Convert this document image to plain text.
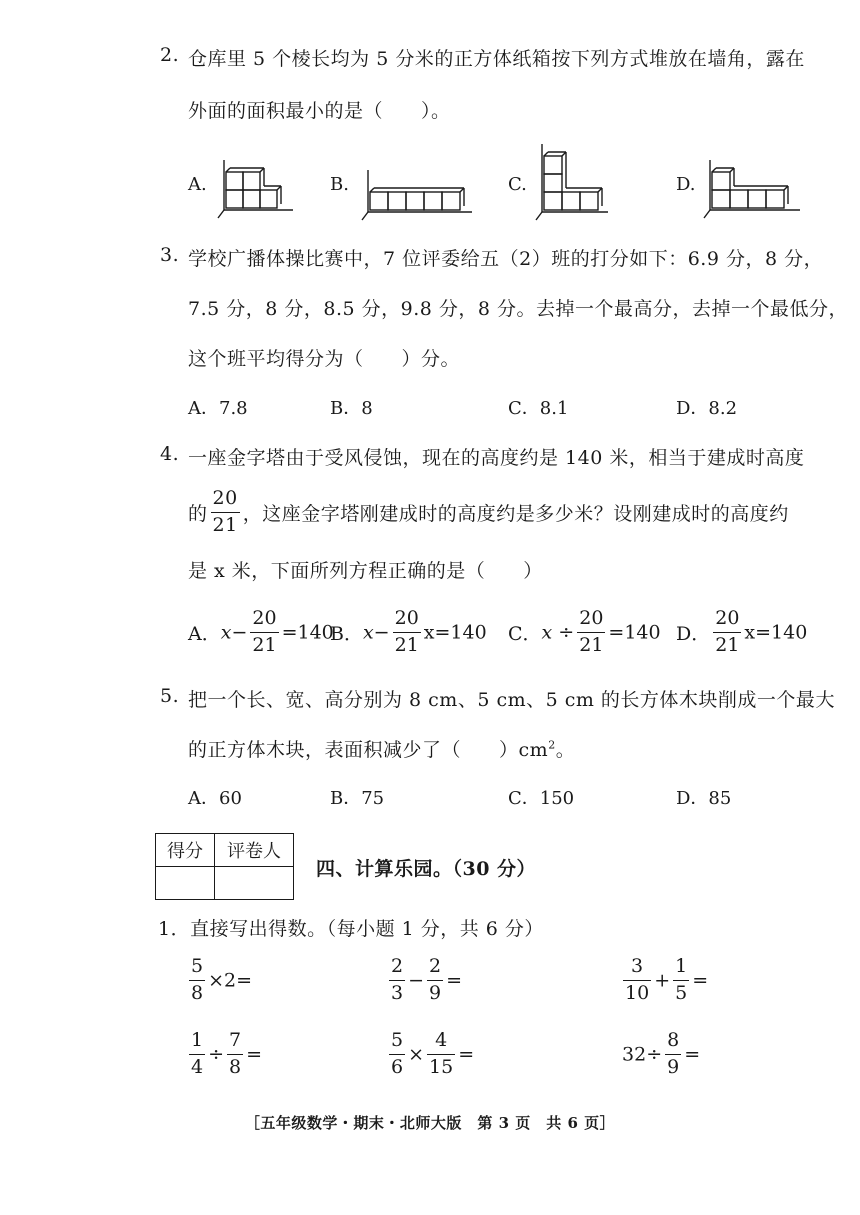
2. 仓库里 5 个棱长均为 5 分米的正方体纸箱按下列方式堆放在墙角，露在
外面的面积最小的是（ ）。
A.	B.	C.	D.
3. 学校广播体操比赛中，7 位评委给五（2）班的打分如下：6.9 分，8 分，
7.5 分，8 分，8.5 分，9.8 分，8 分。去掉一个最高分，去掉一个最低分，
这个班平均得分为（ ）分。
A．7.8	B．8	C．8.1	D．8.2
4. 一座金字塔由于受风侵蚀，现在的高度约是 140 米，相当于建成时高度
的 $\frac{20}{21}$ ，这座金字塔刚建成时的高度约是多少米？设刚建成时的高度约
是 x 米，下面所列方程正确的是（ ）
A．$x- \frac{20}{21} =140$
B．$x- \frac{20}{21} x=140$ C．$x \div \frac{20}{21} =140$ D． $\frac{20}{21} x=140$
5. 把一个长、宽、高分别为 8 cm、5 cm、5 cm 的长方体木块削成一个最大
的正方体木块，表面积减少了（ ）$cm^2$。
A．60	B．75	C．150	D．85
得分	评卷人

四、计算乐园。（30 分）
1．直接写出得数。（每小题 1 分，共 6 分）
$\frac{5}{8} \times 2=$	$\frac{2}{3} - \frac{2}{9}$ =	$\frac{3}{10} + \frac{1}{5}$ =
$\frac{1}{4} \div \frac{7}{8}$ =	$\frac{5}{6} \times \frac{4}{15}$ =	$32\div \frac{8}{9}$ =
［五年级数学・期末・北师大版　第 3 页　共 6 页］
